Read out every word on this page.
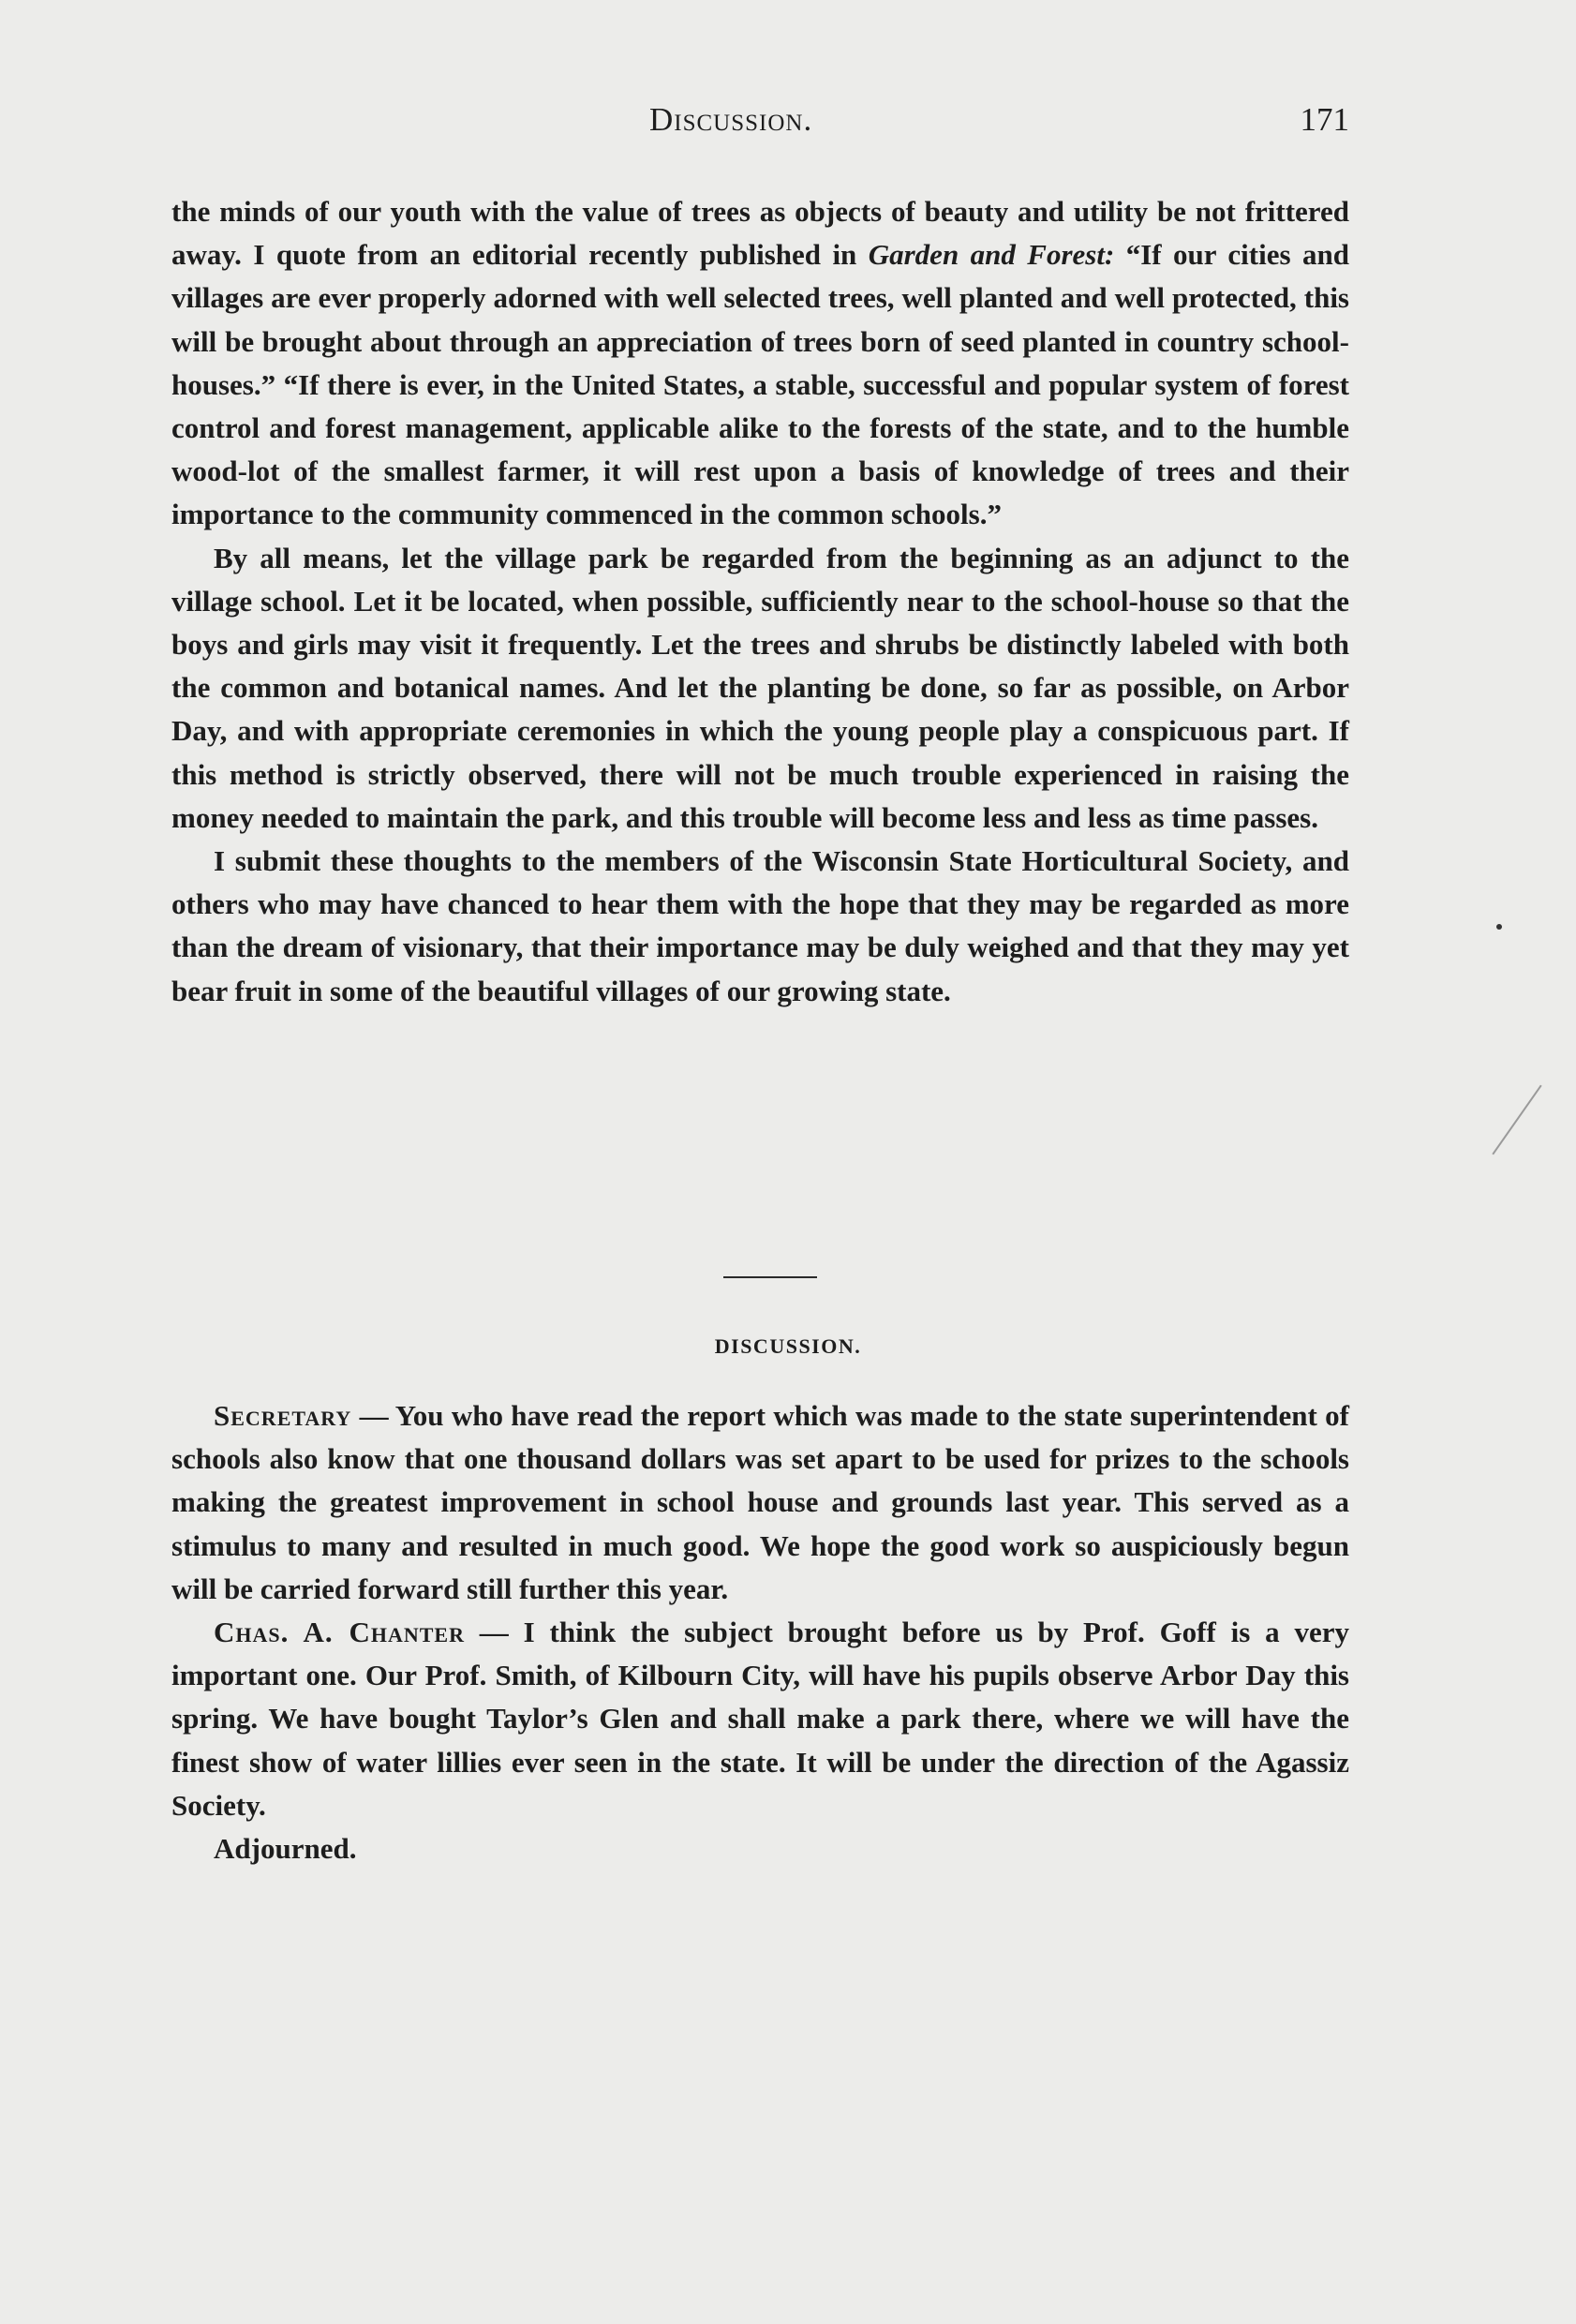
Discussion.	171

the minds of our youth with the value of trees as objects of beauty and utility be not frittered away. I quote from an editorial recently published in Garden and Forest: “If our cities and villages are ever properly adorned with well selected trees, well planted and well protected, this will be brought about through an appreciation of trees born of seed planted in country school-houses.” “If there is ever, in the United States, a stable, successful and popular system of forest control and forest management, applicable alike to the forests of the state, and to the humble wood-lot of the smallest farmer, it will rest upon a basis of knowledge of trees and their importance to the community commenced in the common schools.”

By all means, let the village park be regarded from the beginning as an adjunct to the village school. Let it be located, when possible, sufficiently near to the school-house so that the boys and girls may visit it frequently. Let the trees and shrubs be distinctly labeled with both the common and botanical names. And let the planting be done, so far as possible, on Arbor Day, and with appropriate ceremonies in which the young people play a conspicuous part. If this method is strictly observed, there will not be much trouble experienced in raising the money needed to maintain the park, and this trouble will become less and less as time passes.

I submit these thoughts to the members of the Wisconsin State Horticultural Society, and others who may have chanced to hear them with the hope that they may be regarded as more than the dream of visionary, that their importance may be duly weighed and that they may yet bear fruit in some of the beautiful villages of our growing state.

DISCUSSION.

Secretary — You who have read the report which was made to the state superintendent of schools also know that one thousand dollars was set apart to be used for prizes to the schools making the greatest improvement in school house and grounds last year. This served as a stimulus to many and resulted in much good. We hope the good work so auspiciously begun will be carried forward still further this year.

Chas. A. Chanter — I think the subject brought before us by Prof. Goff is a very important one. Our Prof. Smith, of Kilbourn City, will have his pupils observe Arbor Day this spring. We have bought Taylor’s Glen and shall make a park there, where we will have the finest show of water lillies ever seen in the state. It will be under the direction of the Agassiz Society.

Adjourned.
